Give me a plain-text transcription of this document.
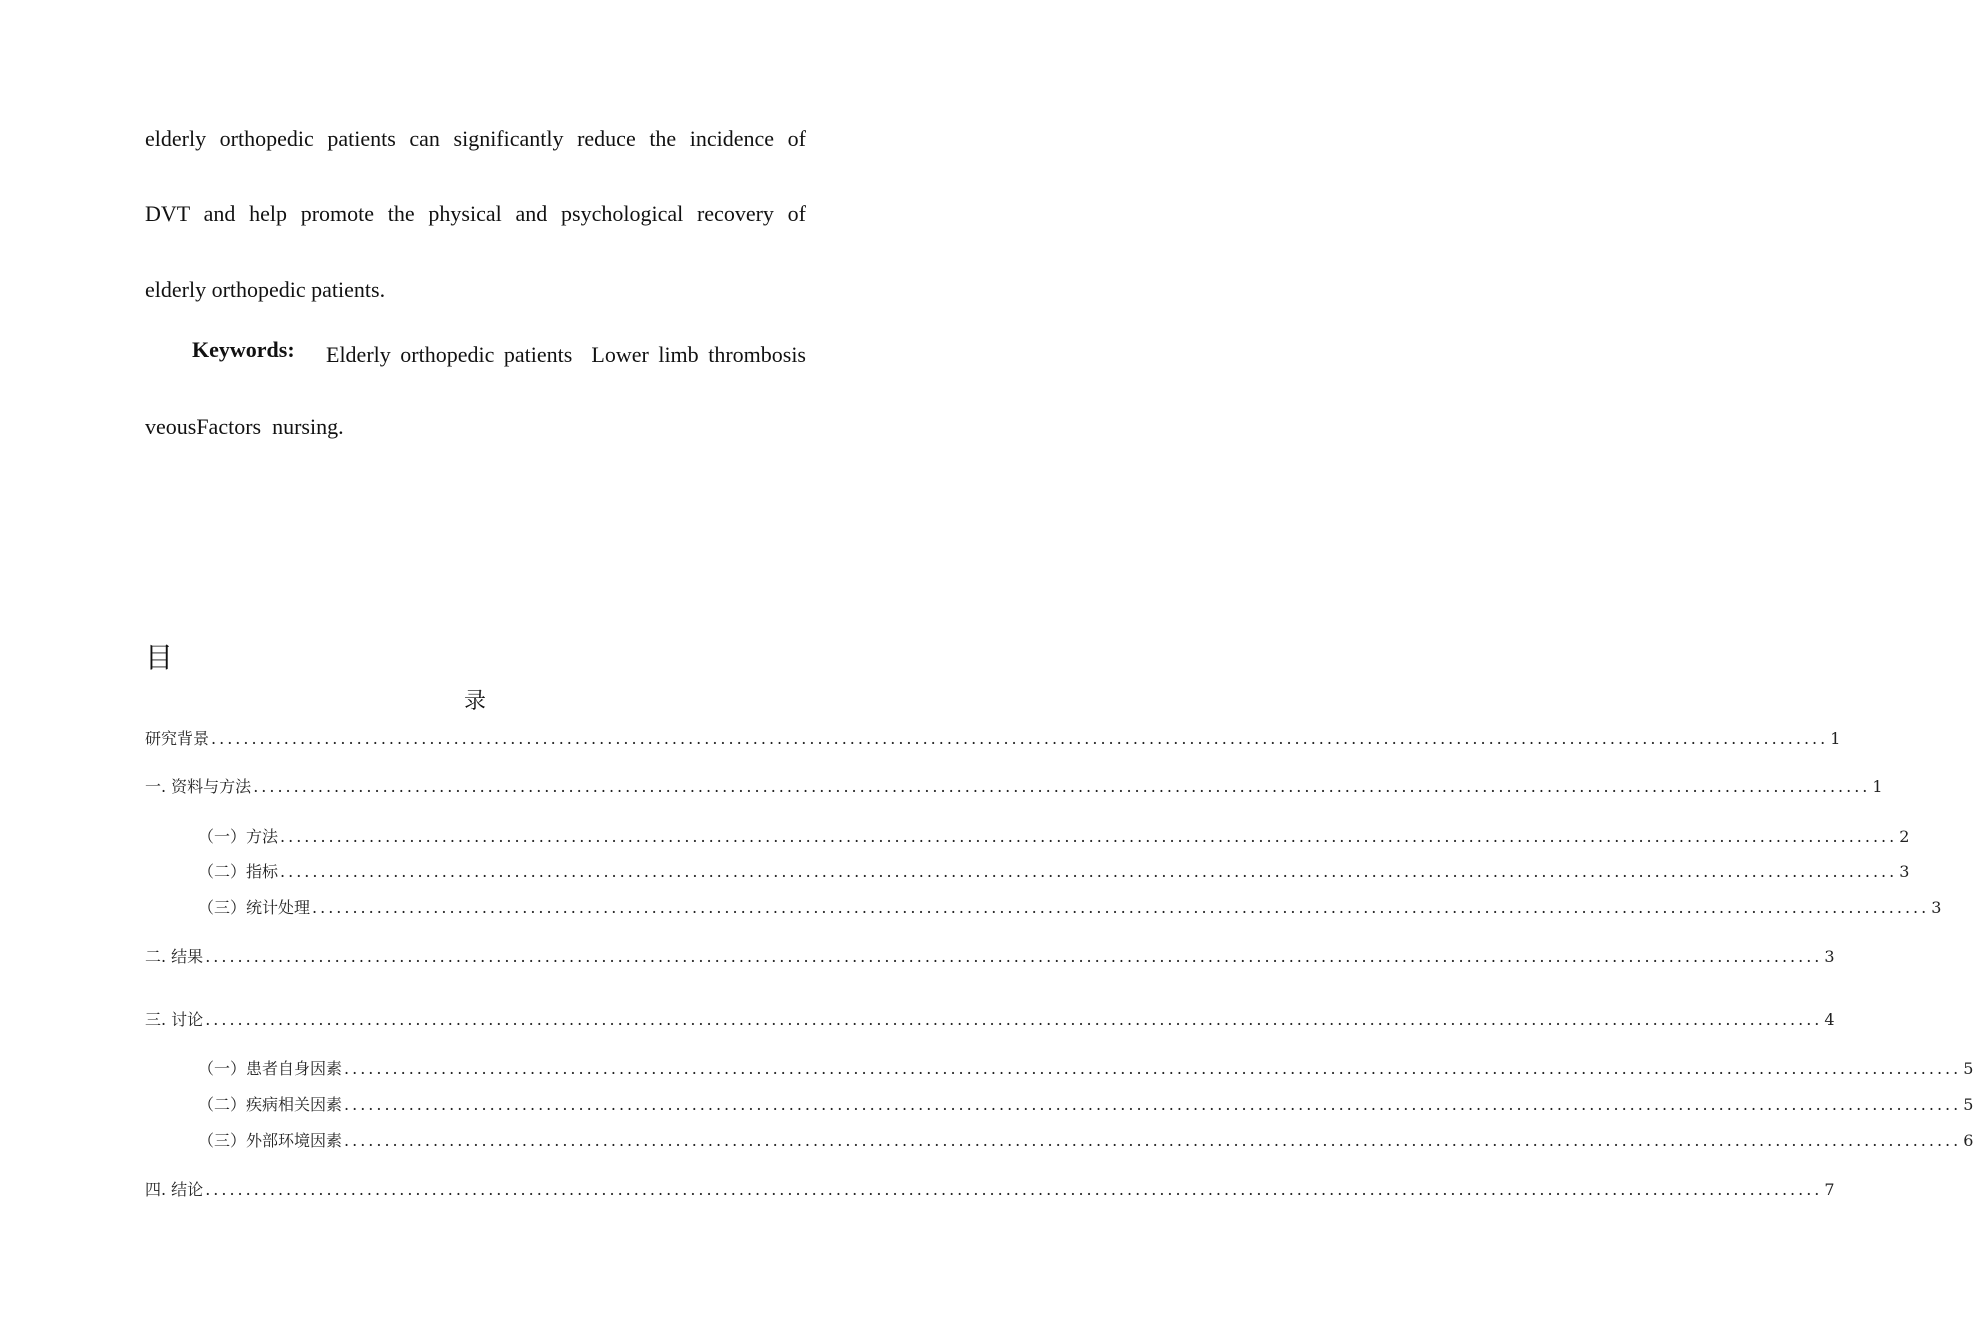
elderly orthopedic patients can significantly reduce the incidence of
DVT and help promote the physical and psychological recovery of
elderly orthopedic patients.
Keywords: Elderly orthopedic patients  Lower limb thrombosis
veousFactors  nursing.
目
录
研究背景 ........................................................................................................................................................................................................ 1
一. 资料与方法 ........................................................................................................................................................................................................ 1
（一）方法 ........................................................................................................................................................................................................ 2
（二）指标 ........................................................................................................................................................................................................ 3
（三）统计处理 ........................................................................................................................................................................................................ 3
二. 结果 ........................................................................................................................................................................................................ 3
三. 讨论 ........................................................................................................................................................................................................ 4
（一）患者自身因素 ........................................................................................................................................................................................................ 5
（二）疾病相关因素 ........................................................................................................................................................................................................ 5
（三）外部环境因素 ........................................................................................................................................................................................................ 6
四. 结论 ........................................................................................................................................................................................................ 7
